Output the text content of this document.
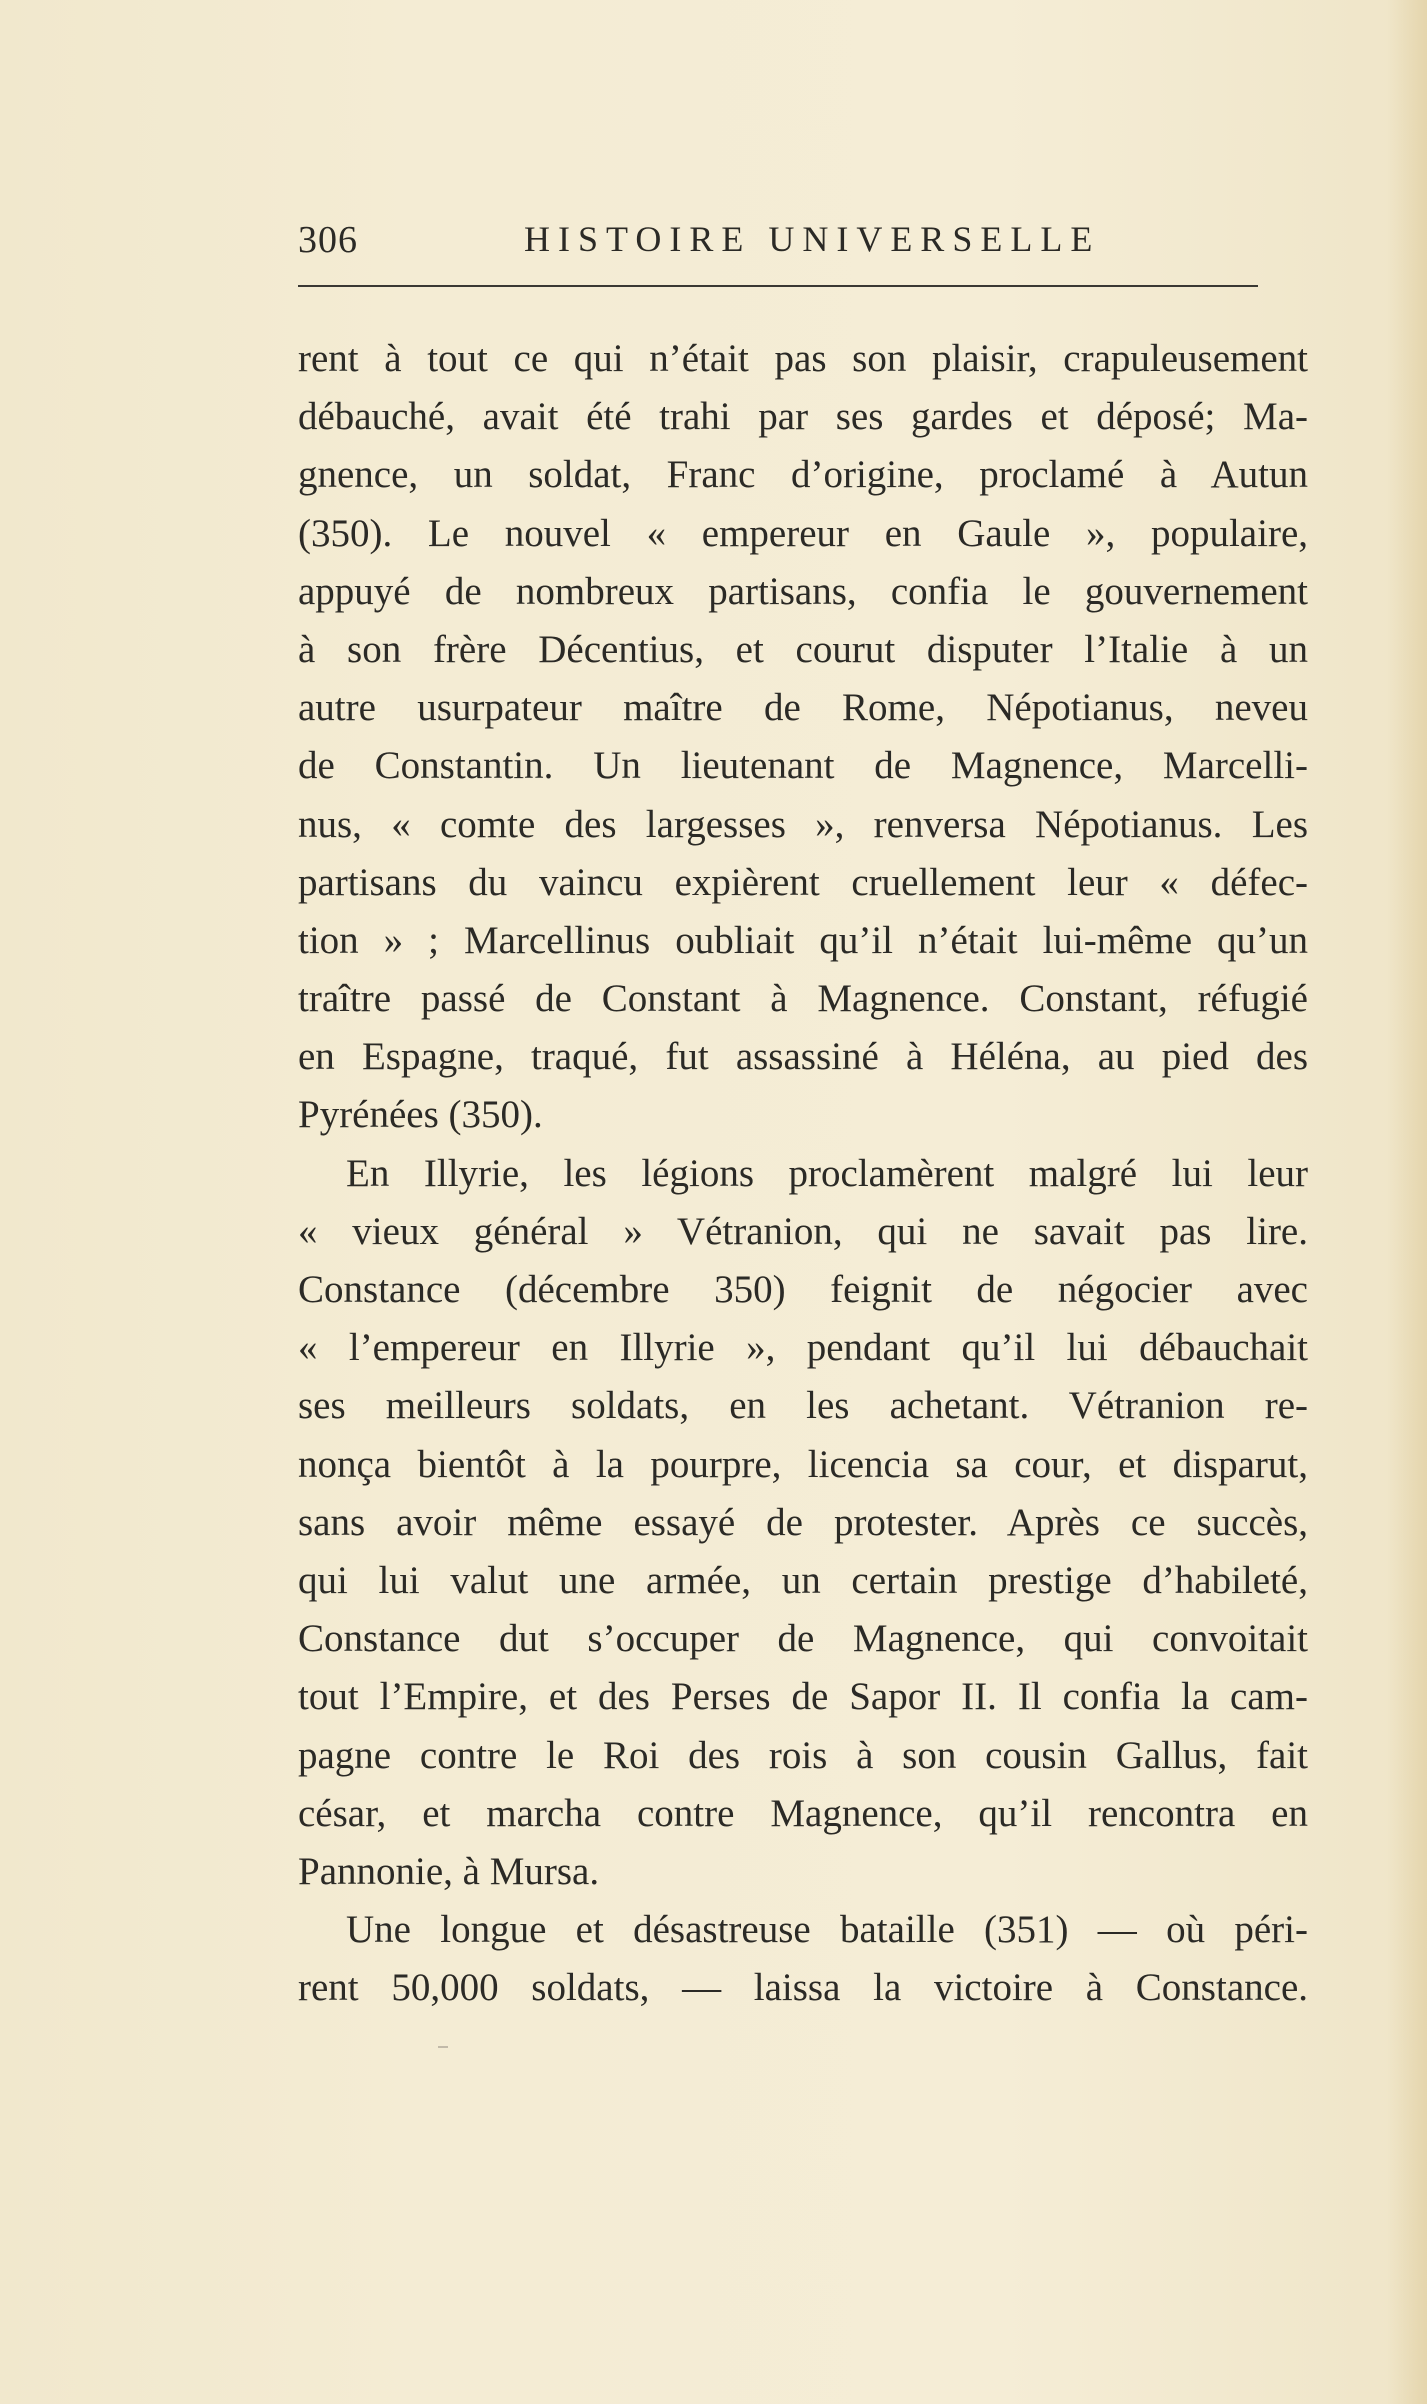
306	HISTOIRE UNIVERSELLE
rent à tout ce qui n’était pas son plaisir, crapuleusement
débauché, avait été trahi par ses gardes et déposé; Ma-
gnence, un soldat, Franc d’origine, proclamé à Autun
(350). Le nouvel « empereur en Gaule », populaire,
appuyé de nombreux partisans, confia le gouvernement
à son frère Décentius, et courut disputer l’Italie à un
autre usurpateur maître de Rome, Népotianus, neveu
de Constantin. Un lieutenant de Magnence, Marcelli-
nus, « comte des largesses », renversa Népotianus. Les
partisans du vaincu expièrent cruellement leur « défec-
tion » ; Marcellinus oubliait qu’il n’était lui-même qu’un
traître passé de Constant à Magnence. Constant, réfugié
en Espagne, traqué, fut assassiné à Héléna, au pied des
Pyrénées (350).
En Illyrie, les légions proclamèrent malgré lui leur
« vieux général » Vétranion, qui ne savait pas lire.
Constance (décembre 350) feignit de négocier avec
« l’empereur en Illyrie », pendant qu’il lui débauchait
ses meilleurs soldats, en les achetant. Vétranion re-
nonça bientôt à la pourpre, licencia sa cour, et disparut,
sans avoir même essayé de protester. Après ce succès,
qui lui valut une armée, un certain prestige d’habileté,
Constance dut s’occuper de Magnence, qui convoitait
tout l’Empire, et des Perses de Sapor II. Il confia la cam-
pagne contre le Roi des rois à son cousin Gallus, fait
césar, et marcha contre Magnence, qu’il rencontra en
Pannonie, à Mursa.
Une longue et désastreuse bataille (351) — où péri-
rent 50,000 soldats, — laissa la victoire à Constance.
